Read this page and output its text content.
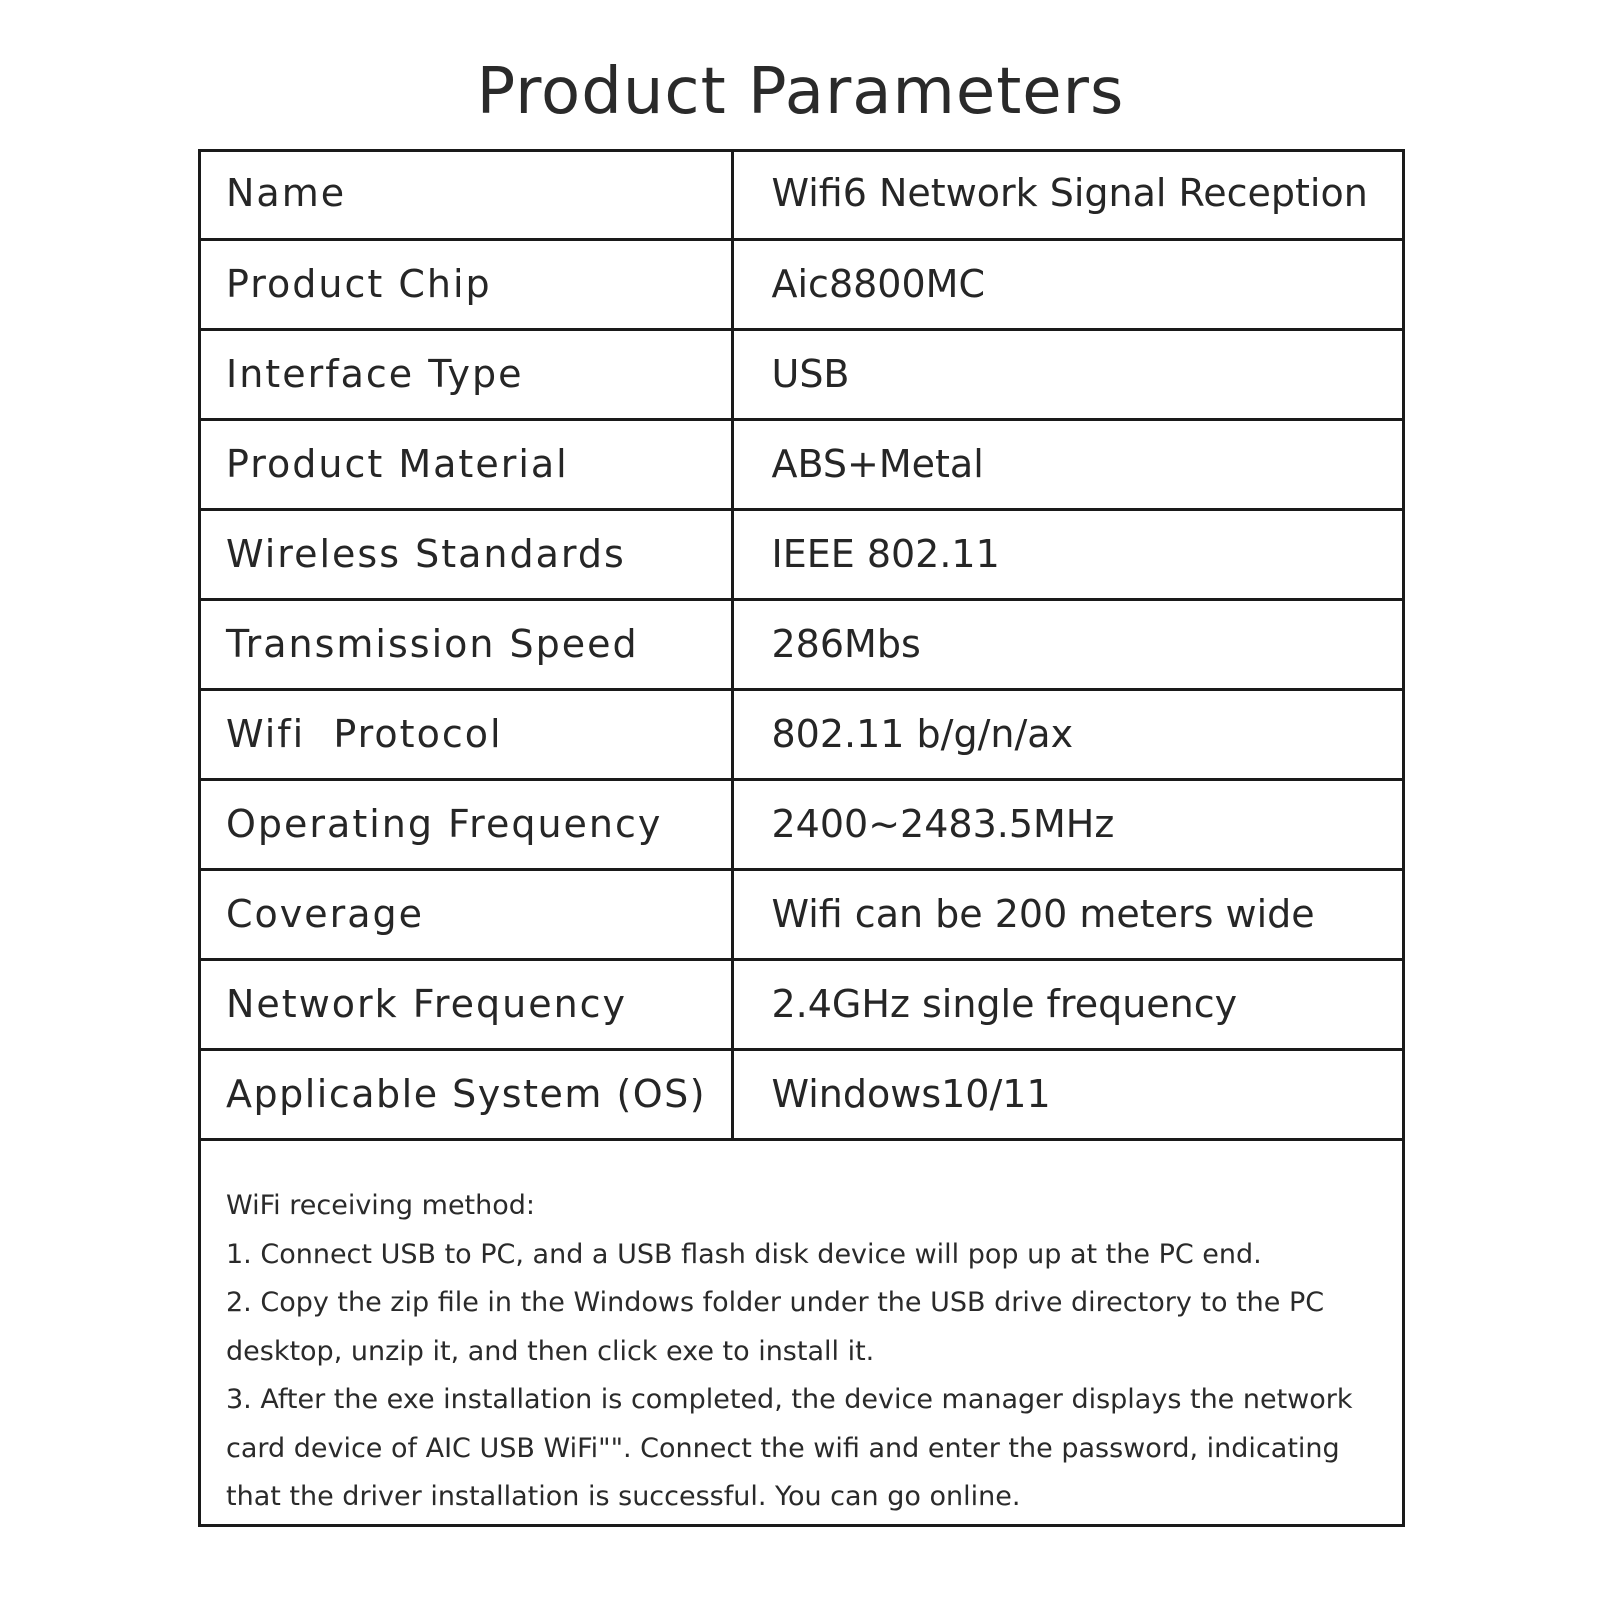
Product Parameters
Name	Wifi6 Network Signal Reception
Product Chip	Aic8800MC
Interface Type	USB
Product Material	ABS+Metal
Wireless Standards	IEEE 802.11
Transmission Speed	286Mbs
Wifi  Protocol	802.11 b/g/n/ax
Operating Frequency	2400~2483.5MHz
Coverage	Wifi can be 200 meters wide
Network Frequency	2.4GHz single frequency
Applicable System (OS)	Windows10/11

WiFi receiving method:

1. Connect USB to PC, and a USB flash disk device will pop up at the PC end.

2. Copy the zip file in the Windows folder under the USB drive directory to the PC desktop, unzip it, and then click exe to install it.

3. After the exe installation is completed, the device manager displays the network card device of AIC USB WiFi"". Connect the wifi and enter the password, indicating that the driver installation is successful. You can go online.
